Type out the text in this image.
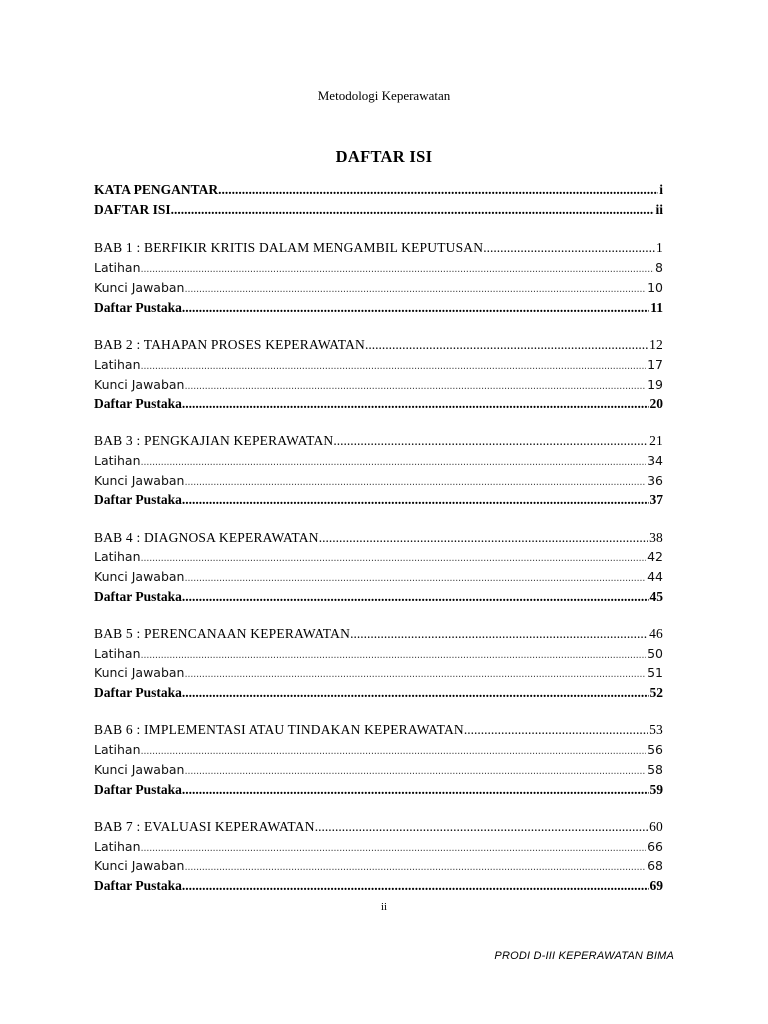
Metodologi Keperawatan
DAFTAR ISI
KATA PENGANTAR .....	i
DAFTAR ISI .....	ii
BAB 1 : BERFIKIR KRITIS DALAM MENGAMBIL KEPUTUSAN .....	1
Latihan .....	8
Kunci Jawaban .....	10
Daftar Pustaka .....	11
BAB 2 : TAHAPAN PROSES KEPERAWATAN .....	12
Latihan .....	17
Kunci Jawaban .....	19
Daftar Pustaka .....	20
BAB 3 : PENGKAJIAN KEPERAWATAN .....	21
Latihan .....	34
Kunci Jawaban .....	36
Daftar Pustaka .....	37
BAB 4 : DIAGNOSA KEPERAWATAN .....	38
Latihan .....	42
Kunci Jawaban .....	44
Daftar Pustaka .....	45
BAB 5 : PERENCANAAN KEPERAWATAN .....	46
Latihan .....	50
Kunci Jawaban .....	51
Daftar Pustaka .....	52
BAB 6 : IMPLEMENTASI ATAU TINDAKAN KEPERAWATAN .....	53
Latihan .....	56
Kunci Jawaban .....	58
Daftar Pustaka .....	59
BAB 7 : EVALUASI KEPERAWATAN .....	60
Latihan .....	66
Kunci Jawaban .....	68
Daftar Pustaka .....	69
ii
PRODI D-III KEPERAWATAN BIMA
